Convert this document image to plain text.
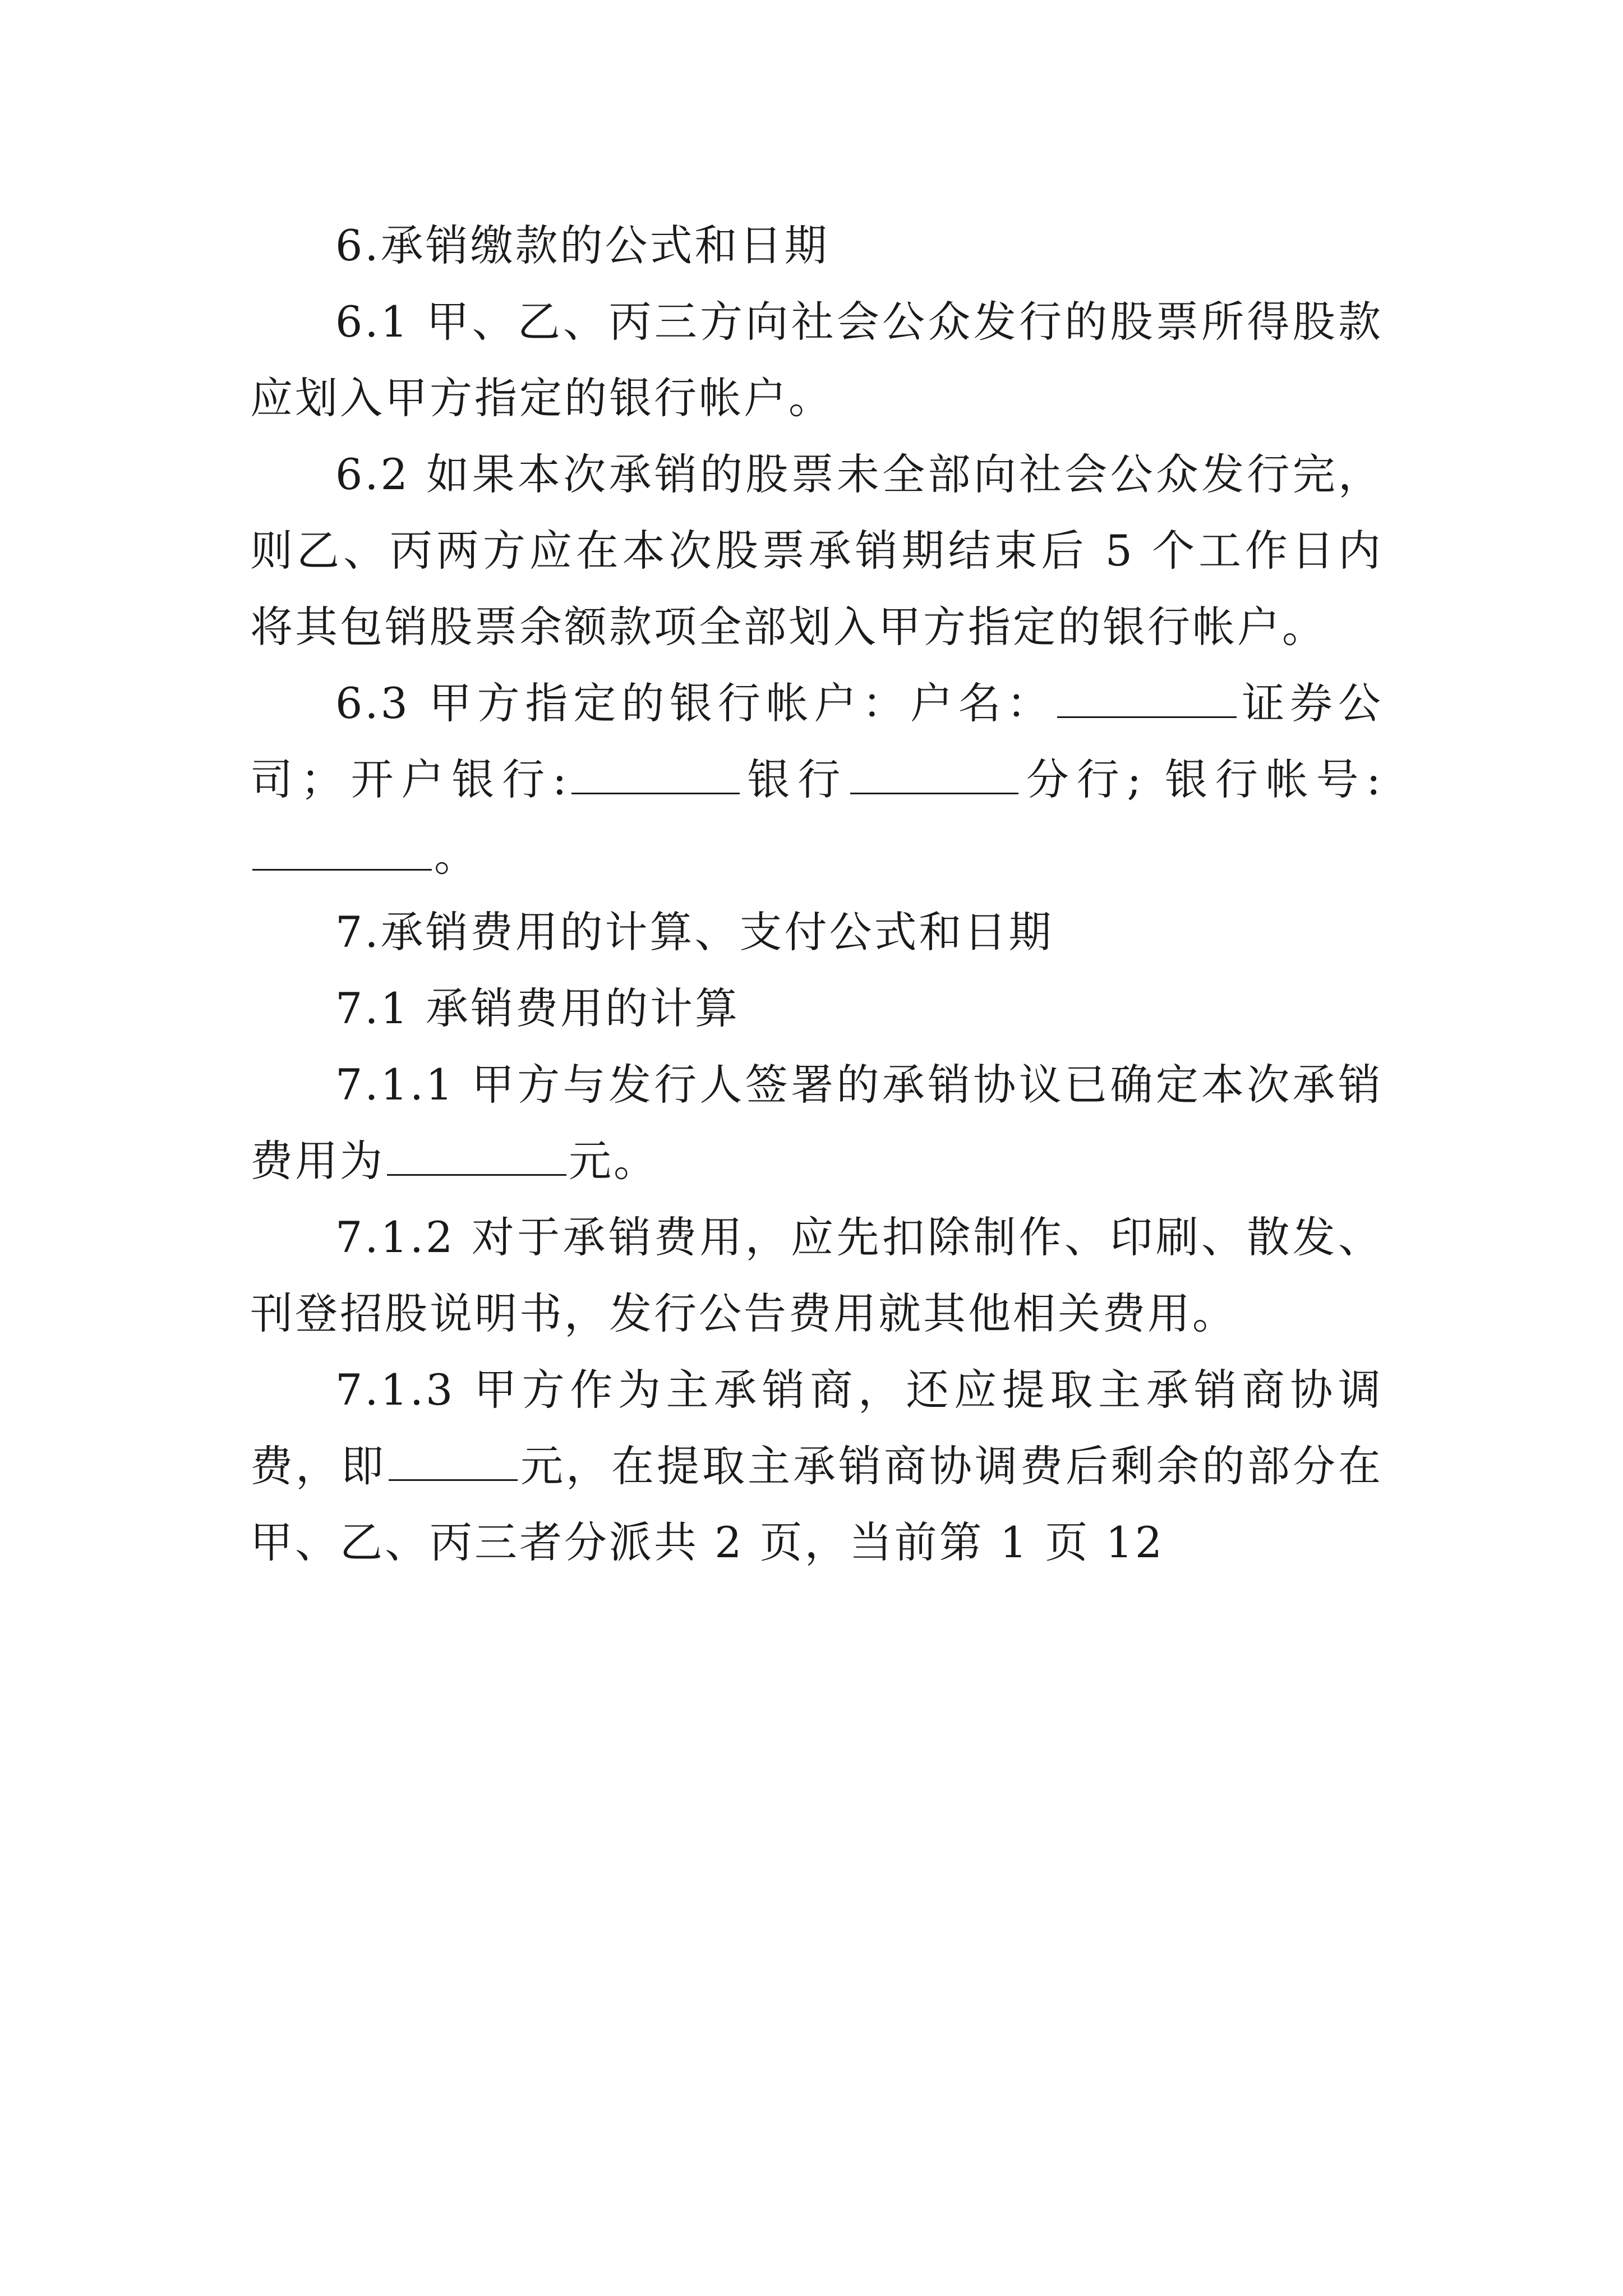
6.承销缴款的公式和日期

6.1 甲、乙、丙三方向社会公众发行的股票所得股款应划入甲方指定的银行帐户。

6.2 如果本次承销的股票未全部向社会公众发行完，则乙、丙两方应在本次股票承销期结束后 5 个工作日内将其包销股票余额款项全部划入甲方指定的银行帐户。

6.3 甲方指定的银行帐户：户名：	证券公司；开户银行:	银行	分行; 银行帐号:。

7.承销费用的计算、支付公式和日期

7.1 承销费用的计算

7.1.1 甲方与发行人签署的承销协议已确定本次承销费用为	元。

7.1.2 对于承销费用，应先扣除制作、印刷、散发、刊登招股说明书，发行公告费用就其他相关费用。

7.1.3 甲方作为主承销商，还应提取主承销商协调费，即	元，在提取主承销商协调费后剩余的部分在甲、乙、丙三者分派共 2 页，当前第 1 页 12
